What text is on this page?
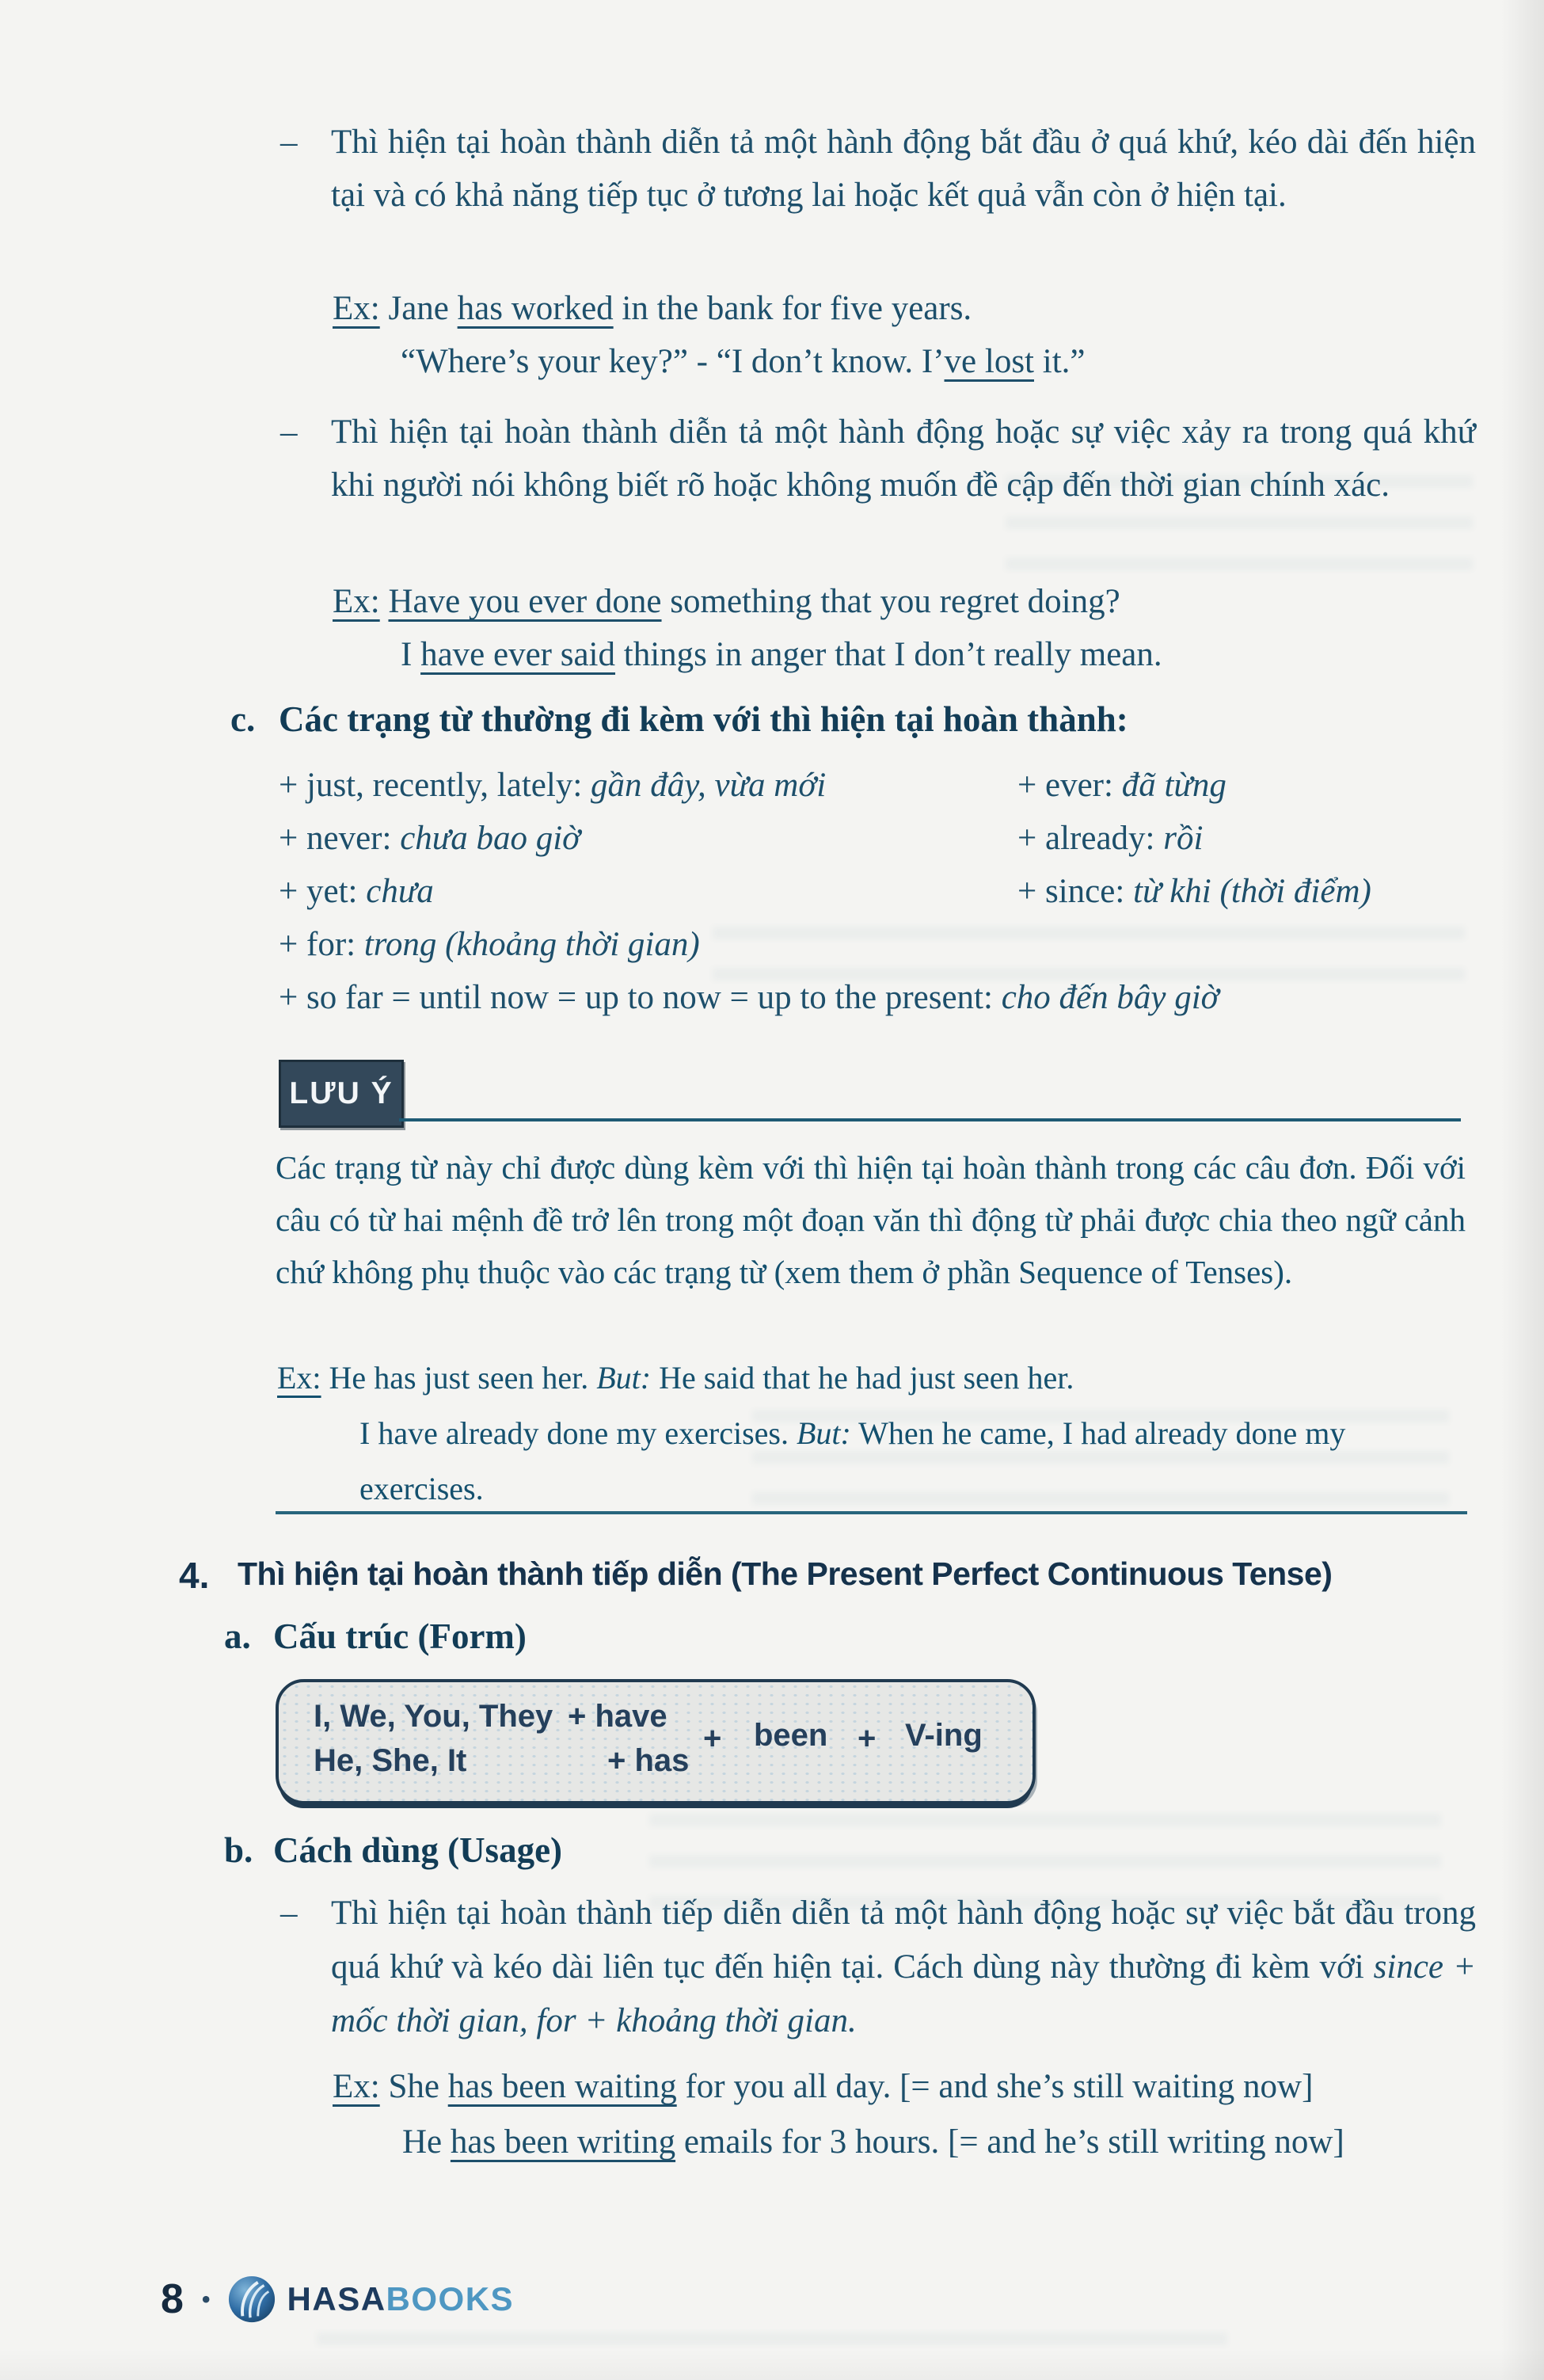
– Thì hiện tại hoàn thành diễn tả một hành động bắt đầu ở quá khứ, kéo dài đến hiện tại và có khả năng tiếp tục ở tương lai hoặc kết quả vẫn còn ở hiện tại.
Ex: Jane has worked in the bank for five years.
“Where’s your key?” - “I don’t know. I’ve lost it.”
– Thì hiện tại hoàn thành diễn tả một hành động hoặc sự việc xảy ra trong quá khứ khi người nói không biết rõ hoặc không muốn đề cập đến thời gian chính xác.
Ex: Have you ever done something that you regret doing?
I have ever said things in anger that I don’t really mean.
c. Các trạng từ thường đi kèm với thì hiện tại hoàn thành:
+ just, recently, lately: gần đây, vừa mới
+ never: chưa bao giờ
+ yet: chưa
+ for: trong (khoảng thời gian)
+ ever: đã từng
+ already: rồi
+ since: từ khi (thời điểm)
+ so far = until now = up to now = up to the present: cho đến bây giờ
LƯU Ý
Các trạng từ này chỉ được dùng kèm với thì hiện tại hoàn thành trong các câu đơn. Đối với câu có từ hai mệnh đề trở lên trong một đoạn văn thì động từ phải được chia theo ngữ cảnh chứ không phụ thuộc vào các trạng từ (xem them ở phần Sequence of Tenses).
Ex: He has just seen her. But: He said that he had just seen her.
I have already done my exercises. But: When he came, I had already done my exercises.
4. Thì hiện tại hoàn thành tiếp diễn (The Present Perfect Continuous Tense)
a. Cấu trúc (Form)
I, We, You, They + have
He, She, It	+ has
+ been + V-ing
b. Cách dùng (Usage)
– Thì hiện tại hoàn thành tiếp diễn diễn tả một hành động hoặc sự việc bắt đầu trong quá khứ và kéo dài liên tục đến hiện tại. Cách dùng này thường đi kèm với since + mốc thời gian, for + khoảng thời gian.
Ex: She has been waiting for you all day. [= and she’s still waiting now]
He has been writing emails for 3 hours. [= and he’s still writing now]
8 • HASABOOKS
